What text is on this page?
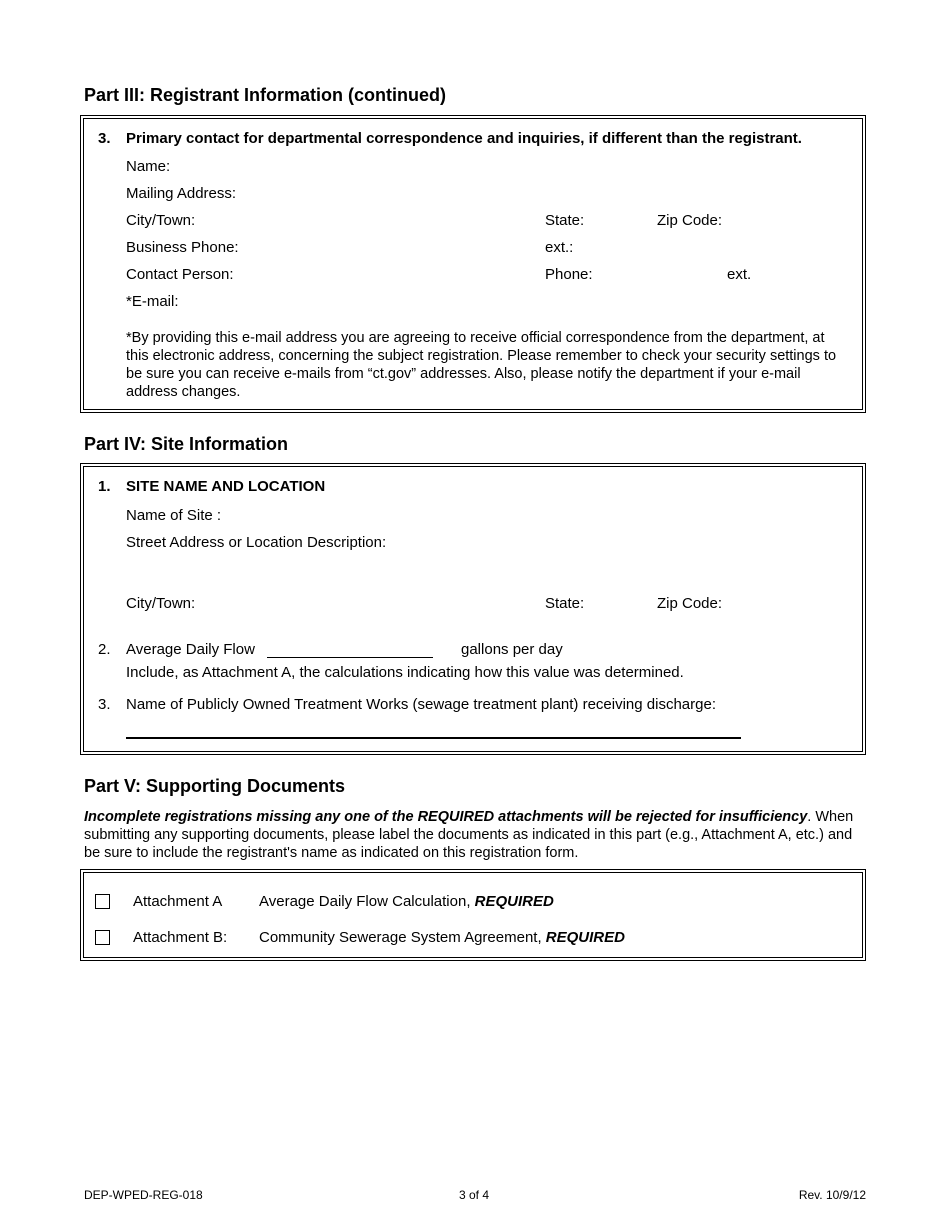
Part III: Registrant Information (continued)
3. Primary contact for departmental correspondence and inquiries, if different than the registrant.
Name:
Mailing Address:
City/Town:	State:	Zip Code:
Business Phone:	ext.:
Contact Person:	Phone:	ext.
*E-mail:
*By providing this e-mail address you are agreeing to receive official correspondence from the department, at this electronic address, concerning the subject registration. Please remember to check your security settings to be sure you can receive e-mails from “ct.gov” addresses. Also, please notify the department if your e-mail address changes.
Part IV: Site Information
1. SITE NAME AND LOCATION
Name of Site :
Street Address or Location Description:
City/Town:	State:	Zip Code:
2. Average Daily Flow	gallons per day
Include, as Attachment A, the calculations indicating how this value was determined.
3. Name of Publicly Owned Treatment Works (sewage treatment plant) receiving discharge:
Part V: Supporting Documents
Incomplete registrations missing any one of the REQUIRED attachments will be rejected for insufficiency. When submitting any supporting documents, please label the documents as indicated in this part (e.g., Attachment A, etc.) and be sure to include the registrant's name as indicated on this registration form.
Attachment A Average Daily Flow Calculation, REQUIRED
Attachment B: Community Sewerage System Agreement, REQUIRED
DEP-WPED-REG-018	3 of 4	Rev. 10/9/12
